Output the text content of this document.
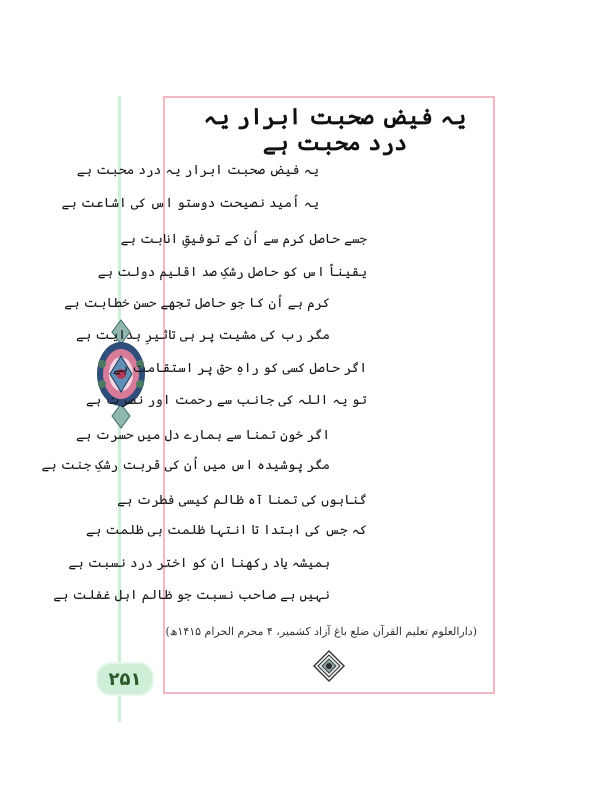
۲۵۱
یہ فیض صحبت ابرار یہ درد محبت ہے
یہ فیض صحبت ابرار یہ درد محبت ہے
یہ اُمید نصیحت دوستو اس کی اشاعت ہے
جسے حاصل کرم سے اُن کے توفیقِ انابت ہے
یقیناً اس کو حاصل رشکِ صد اقلیم دولت ہے
کرم ہے اُن کا جو حاصل تجھے حسنِ خطابت ہے
مگر رب کی مشیت پر ہی تاثیرِ ہدایت ہے
اگر حاصل کسی کو راہِ حق پر استقامت ہے
تو یہ اللہ کی جانب سے رحمت اور نصرت ہے
اگر خونِ تمنا سے ہمارے دل میں حسرت ہے
مگر پوشیدہ اس میں اُن کی قربت رشکِ جنت ہے
گناہوں کی تمنا آہ ظالم کیسی فطرت ہے
کہ جس کی ابتدا تا انتہا ظلمت ہی ظلمت ہے
ہمیشہ یاد رکھنا ان کو اختر درد نسبت ہے
نہیں ہے صاحب نسبت جو ظالم اہل غفلت ہے
(دارالعلوم تعلیم القرآن ضلع باغ آزاد کشمیر، ۴ محرم الحرام ۱۴۱۵ھ)
